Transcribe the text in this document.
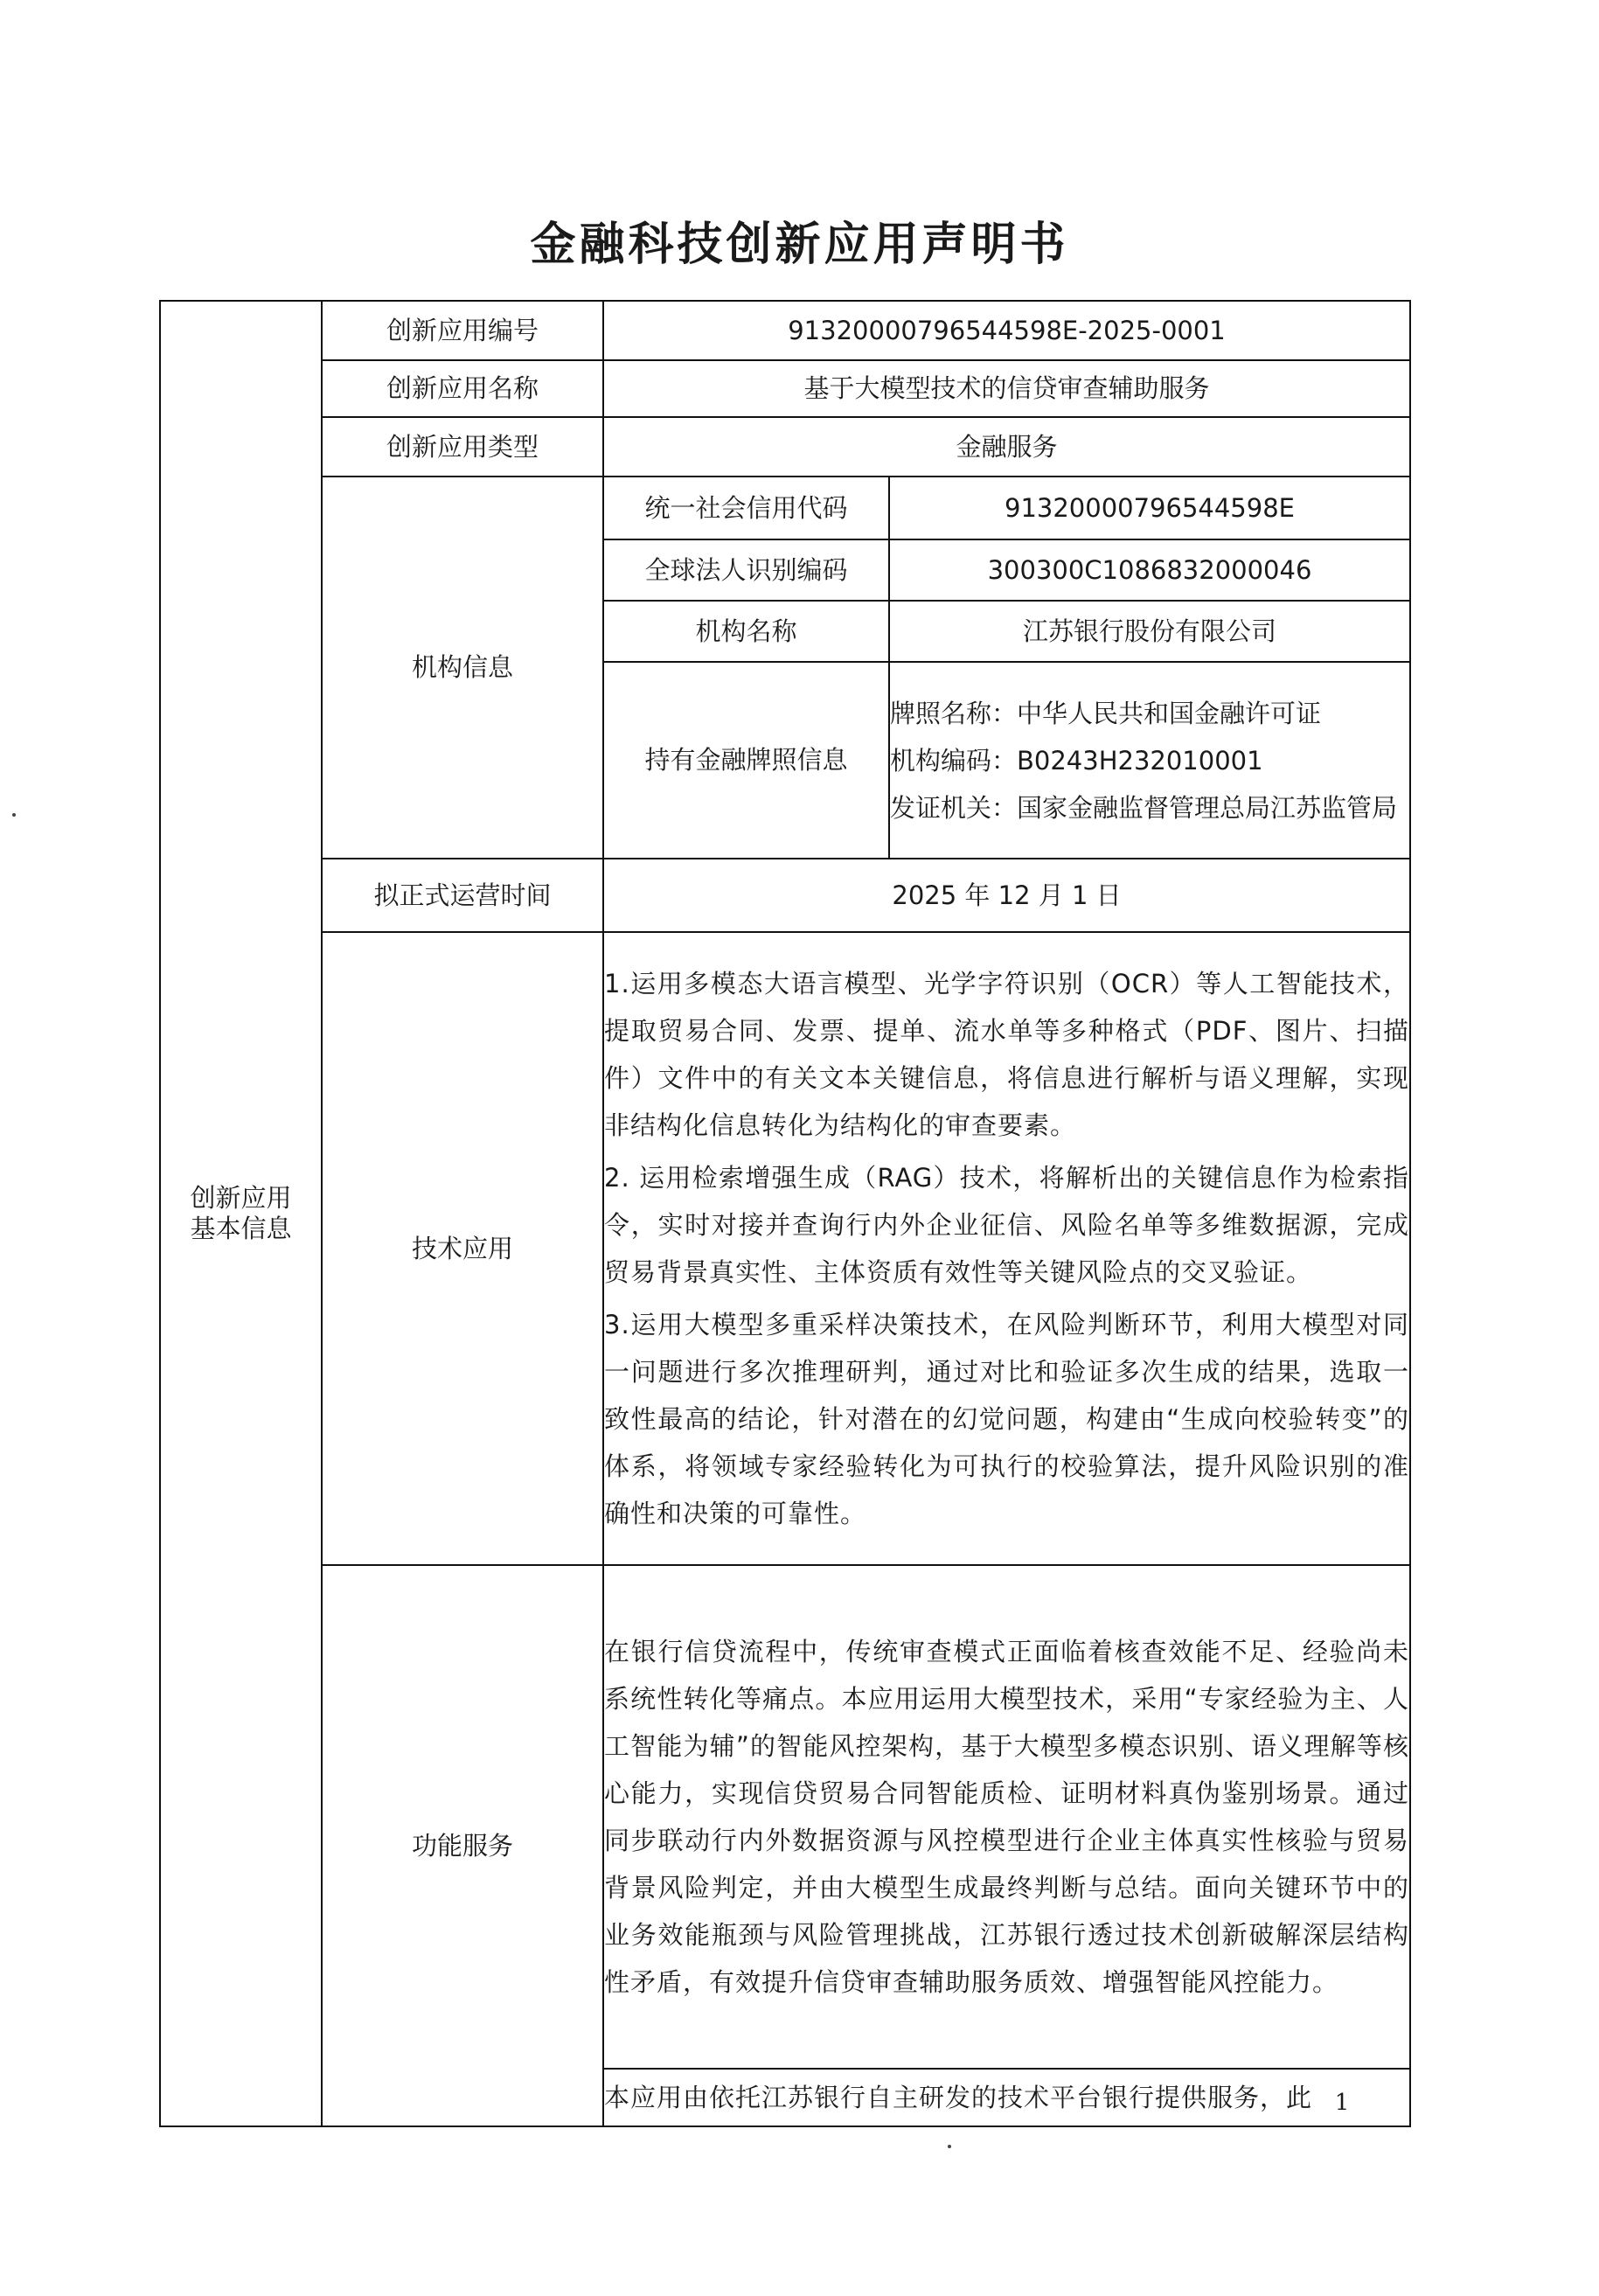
金融科技创新应用声明书
创新应用
基本信息	创新应用编号	91320000796544598E-2025-0001	
	创新应用名称	基于大模型技术的信贷审查辅助服务	
	创新应用类型	金融服务	
	机构信息	统一社会信用代码	91320000796544598E
		全球法人识别编码	300300C1086832000046
		机构名称	江苏银行股份有限公司
		持有金融牌照信息	牌照名称：中华人民共和国金融许可证

机构编码：B0243H232010001

发证机关：国家金融监督管理总局江苏监管局

	拟正式运营时间	2025 年 12 月 1 日	
	技术应用	1.运用多模态大语言模型、光学字符识别（OCR）等人工智能技术，提取贸易合同、发票、提单、流水单等多种格式（PDF、图片、扫描件）文件中的有关文本关键信息，将信息进行解析与语义理解，实现非结构化信息转化为结构化的审查要素。

2. 运用检索增强生成（RAG）技术，将解析出的关键信息作为检索指令，实时对接并查询行内外企业征信、风险名单等多维数据源，完成贸易背景真实性、主体资质有效性等关键风险点的交叉验证。

3.运用大模型多重采样决策技术，在风险判断环节，利用大模型对同一问题进行多次推理研判，通过对比和验证多次生成的结果，选取一致性最高的结论，针对潜在的幻觉问题，构建由“生成向校验转变”的体系，将领域专家经验转化为可执行的校验算法，提升风险识别的准确性和决策的可靠性。	

	功能服务	在银行信贷流程中，传统审查模式正面临着核查效能不足、经验尚未系统性转化等痛点。本应用运用大模型技术，采用“专家经验为主、人工智能为辅”的智能风控架构，基于大模型多模态识别、语义理解等核心能力，实现信贷贸易合同智能质检、证明材料真伪鉴别场景。通过同步联动行内外数据资源与风控模型进行企业主体真实性核验与贸易背景风险判定，并由大模型生成最终判断与总结。面向关键环节中的业务效能瓶颈与风险管理挑战，江苏银行透过技术创新破解深层结构性矛盾，有效提升信贷审查辅助服务质效、增强智能风控能力。	

		本应用由依托江苏银行自主研发的技术平台银行提供服务，此	1
